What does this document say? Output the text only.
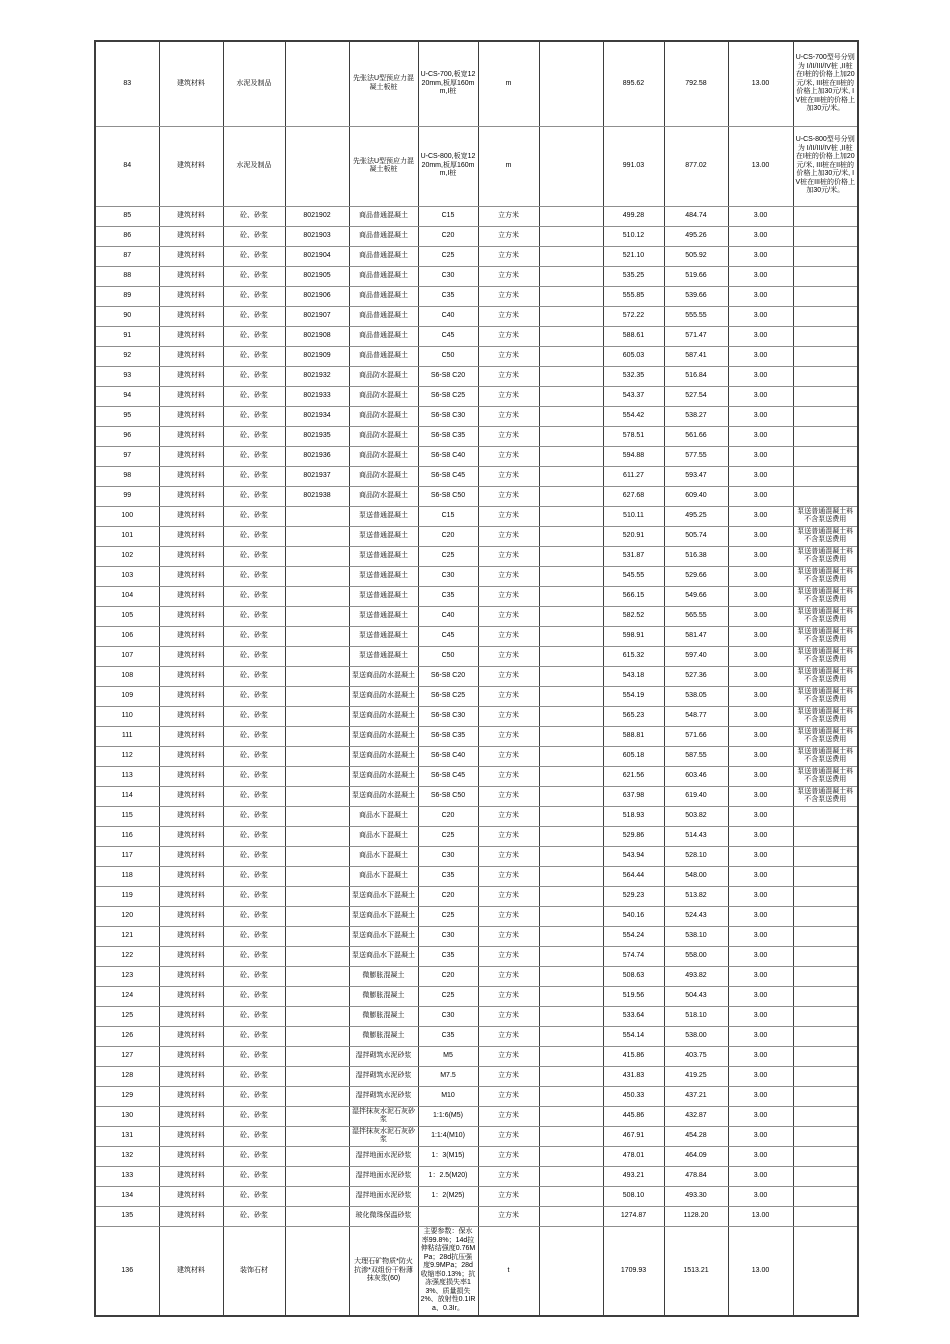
83	建筑材料	水泥及制品		先张法U型预应力混凝土板桩	U-CS-700,板宽1220mm,板厚160mm,I桩	m		895.62	792.58	13.00	U-CS-700型号分别为 I/II/III/IV桩 ,II桩在I桩的价格上加20元/米, III桩在II桩的价格上加30元/米, IV桩在III桩的价格上加30元/米。
84	建筑材料	水泥及制品		先张法U型预应力混凝土板桩	U-CS-800,板宽1220mm,板厚160mm,I桩	m		991.03	877.02	13.00	U-CS-800型号分别为 I/II/III/IV桩 ,II桩在I桩的价格上加20元/米, III桩在II桩的价格上加30元/米, IV桩在III桩的价格上加30元/米。
85	建筑材料	砼、砂浆	8021902	商品普通混凝土	C15	立方米		499.28	484.74	3.00	
86	建筑材料	砼、砂浆	8021903	商品普通混凝土	C20	立方米		510.12	495.26	3.00	
87	建筑材料	砼、砂浆	8021904	商品普通混凝土	C25	立方米		521.10	505.92	3.00	
88	建筑材料	砼、砂浆	8021905	商品普通混凝土	C30	立方米		535.25	519.66	3.00	
89	建筑材料	砼、砂浆	8021906	商品普通混凝土	C35	立方米		555.85	539.66	3.00	
90	建筑材料	砼、砂浆	8021907	商品普通混凝土	C40	立方米		572.22	555.55	3.00	
91	建筑材料	砼、砂浆	8021908	商品普通混凝土	C45	立方米		588.61	571.47	3.00	
92	建筑材料	砼、砂浆	8021909	商品普通混凝土	C50	立方米		605.03	587.41	3.00	
93	建筑材料	砼、砂浆	8021932	商品防水混凝土	S6-S8 C20	立方米		532.35	516.84	3.00	
94	建筑材料	砼、砂浆	8021933	商品防水混凝土	S6-S8 C25	立方米		543.37	527.54	3.00	
95	建筑材料	砼、砂浆	8021934	商品防水混凝土	S6-S8 C30	立方米		554.42	538.27	3.00	
96	建筑材料	砼、砂浆	8021935	商品防水混凝土	S6-S8 C35	立方米		578.51	561.66	3.00	
97	建筑材料	砼、砂浆	8021936	商品防水混凝土	S6-S8 C40	立方米		594.88	577.55	3.00	
98	建筑材料	砼、砂浆	8021937	商品防水混凝土	S6-S8 C45	立方米		611.27	593.47	3.00	
99	建筑材料	砼、砂浆	8021938	商品防水混凝土	S6-S8 C50	立方米		627.68	609.40	3.00	
100	建筑材料	砼、砂浆		泵送普通混凝土	C15	立方米		510.11	495.25	3.00	泵送普通混凝土料不含泵送费用
101	建筑材料	砼、砂浆		泵送普通混凝土	C20	立方米		520.91	505.74	3.00	泵送普通混凝土料不含泵送费用
102	建筑材料	砼、砂浆		泵送普通混凝土	C25	立方米		531.87	516.38	3.00	泵送普通混凝土料不含泵送费用
103	建筑材料	砼、砂浆		泵送普通混凝土	C30	立方米		545.55	529.66	3.00	泵送普通混凝土料不含泵送费用
104	建筑材料	砼、砂浆		泵送普通混凝土	C35	立方米		566.15	549.66	3.00	泵送普通混凝土料不含泵送费用
105	建筑材料	砼、砂浆		泵送普通混凝土	C40	立方米		582.52	565.55	3.00	泵送普通混凝土料不含泵送费用
106	建筑材料	砼、砂浆		泵送普通混凝土	C45	立方米		598.91	581.47	3.00	泵送普通混凝土料不含泵送费用
107	建筑材料	砼、砂浆		泵送普通混凝土	C50	立方米		615.32	597.40	3.00	泵送普通混凝土料不含泵送费用
108	建筑材料	砼、砂浆		泵送商品防水混凝土	S6-S8 C20	立方米		543.18	527.36	3.00	泵送普通混凝土料不含泵送费用
109	建筑材料	砼、砂浆		泵送商品防水混凝土	S6-S8 C25	立方米		554.19	538.05	3.00	泵送普通混凝土料不含泵送费用
110	建筑材料	砼、砂浆		泵送商品防水混凝土	S6-S8 C30	立方米		565.23	548.77	3.00	泵送普通混凝土料不含泵送费用
111	建筑材料	砼、砂浆		泵送商品防水混凝土	S6-S8 C35	立方米		588.81	571.66	3.00	泵送普通混凝土料不含泵送费用
112	建筑材料	砼、砂浆		泵送商品防水混凝土	S6-S8 C40	立方米		605.18	587.55	3.00	泵送普通混凝土料不含泵送费用
113	建筑材料	砼、砂浆		泵送商品防水混凝土	S6-S8 C45	立方米		621.56	603.46	3.00	泵送普通混凝土料不含泵送费用
114	建筑材料	砼、砂浆		泵送商品防水混凝土	S6-S8 C50	立方米		637.98	619.40	3.00	泵送普通混凝土料不含泵送费用
115	建筑材料	砼、砂浆		商品水下混凝土	C20	立方米		518.93	503.82	3.00	
116	建筑材料	砼、砂浆		商品水下混凝土	C25	立方米		529.86	514.43	3.00	
117	建筑材料	砼、砂浆		商品水下混凝土	C30	立方米		543.94	528.10	3.00	
118	建筑材料	砼、砂浆		商品水下混凝土	C35	立方米		564.44	548.00	3.00	
119	建筑材料	砼、砂浆		泵送商品水下混凝土	C20	立方米		529.23	513.82	3.00	
120	建筑材料	砼、砂浆		泵送商品水下混凝土	C25	立方米		540.16	524.43	3.00	
121	建筑材料	砼、砂浆		泵送商品水下混凝土	C30	立方米		554.24	538.10	3.00	
122	建筑材料	砼、砂浆		泵送商品水下混凝土	C35	立方米		574.74	558.00	3.00	
123	建筑材料	砼、砂浆		微膨胀混凝土	C20	立方米		508.63	493.82	3.00	
124	建筑材料	砼、砂浆		微膨胀混凝土	C25	立方米		519.56	504.43	3.00	
125	建筑材料	砼、砂浆		微膨胀混凝土	C30	立方米		533.64	518.10	3.00	
126	建筑材料	砼、砂浆		微膨胀混凝土	C35	立方米		554.14	538.00	3.00	
127	建筑材料	砼、砂浆		湿拌砌筑水泥砂浆	M5	立方米		415.86	403.75	3.00	
128	建筑材料	砼、砂浆		湿拌砌筑水泥砂浆	M7.5	立方米		431.83	419.25	3.00	
129	建筑材料	砼、砂浆		湿拌砌筑水泥砂浆	M10	立方米		450.33	437.21	3.00	
130	建筑材料	砼、砂浆		湿拌抹灰水泥石灰砂浆	1:1:6(M5)	立方米		445.86	432.87	3.00	
131	建筑材料	砼、砂浆		湿拌抹灰水泥石灰砂浆	1:1:4(M10)	立方米		467.91	454.28	3.00	
132	建筑材料	砼、砂浆		湿拌地面水泥砂浆	1：3(M15)	立方米		478.01	464.09	3.00	
133	建筑材料	砼、砂浆		湿拌地面水泥砂浆	1：2.5(M20)	立方米		493.21	478.84	3.00	
134	建筑材料	砼、砂浆		湿拌地面水泥砂浆	1：2(M25)	立方米		508.10	493.30	3.00	
135	建筑材料	砼、砂浆		玻化微珠保温砂浆		立方米		1274.87	1128.20	13.00	
136	建筑材料	装饰石材		大理石矿物质*防火抗渗*双组份干粉薄抹灰浆(60)	主要参数：保水率99.8%；14d拉伸粘结强度0.76MPa；28d抗压强度9.9MPa；28d收缩率0.13%；抗冻强度损失率13%、质量损失2%、放射性0.1IRa、0.3Ir。	t		1709.93	1513.21	13.00	
